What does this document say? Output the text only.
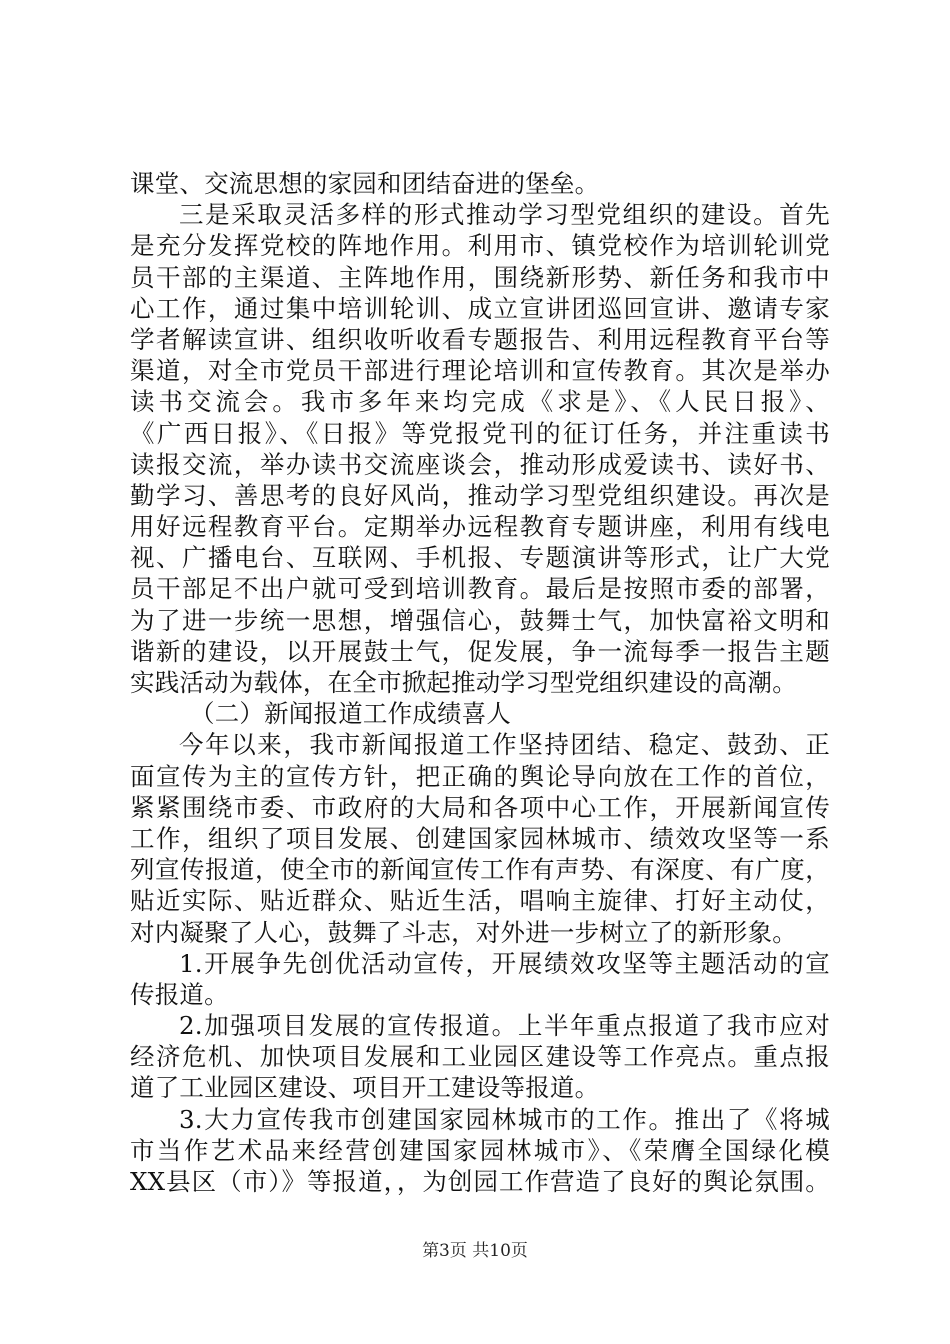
课堂、交流思想的家园和团结奋进的堡垒。
三是采取灵活多样的形式推动学习型党组织的建设。首先
是充分发挥党校的阵地作用。利用市、镇党校作为培训轮训党
员干部的主渠道、主阵地作用，围绕新形势、新任务和我市中
心工作，通过集中培训轮训、成立宣讲团巡回宣讲、邀请专家
学者解读宣讲、组织收听收看专题报告、利用远程教育平台等
渠道，对全市党员干部进行理论培训和宣传教育。其次是举办
读书交流会。我市多年来均完成《求是》、《人民日报》、
《广西日报》、《日报》等党报党刊的征订任务，并注重读书
读报交流，举办读书交流座谈会，推动形成爱读书、读好书、
勤学习、善思考的良好风尚，推动学习型党组织建设。再次是
用好远程教育平台。定期举办远程教育专题讲座，利用有线电
视、广播电台、互联网、手机报、专题演讲等形式，让广大党
员干部足不出户就可受到培训教育。最后是按照市委的部署，
为了进一步统一思想，增强信心，鼓舞士气，加快富裕文明和
谐新的建设，以开展鼓士气，促发展，争一流每季一报告主题
实践活动为载体，在全市掀起推动学习型党组织建设的高潮。
（二）新闻报道工作成绩喜人
今年以来，我市新闻报道工作坚持团结、稳定、鼓劲、正
面宣传为主的宣传方针，把正确的舆论导向放在工作的首位，
紧紧围绕市委、市政府的大局和各项中心工作，开展新闻宣传
工作，组织了项目发展、创建国家园林城市、绩效攻坚等一系
列宣传报道，使全市的新闻宣传工作有声势、有深度、有广度，
贴近实际、贴近群众、贴近生活，唱响主旋律、打好主动仗，
对内凝聚了人心，鼓舞了斗志，对外进一步树立了的新形象。
1.开展争先创优活动宣传，开展绩效攻坚等主题活动的宣
传报道。
2.加强项目发展的宣传报道。上半年重点报道了我市应对
经济危机、加快项目发展和工业园区建设等工作亮点。重点报
道了工业园区建设、项目开工建设等报道。
3.大力宣传我市创建国家园林城市的工作。推出了《将城
市当作艺术品来经营创建国家园林城市》、《荣膺全国绿化模
XX县区（市）》等报道，，为创园工作营造了良好的舆论氛围。
第3页 共10页
